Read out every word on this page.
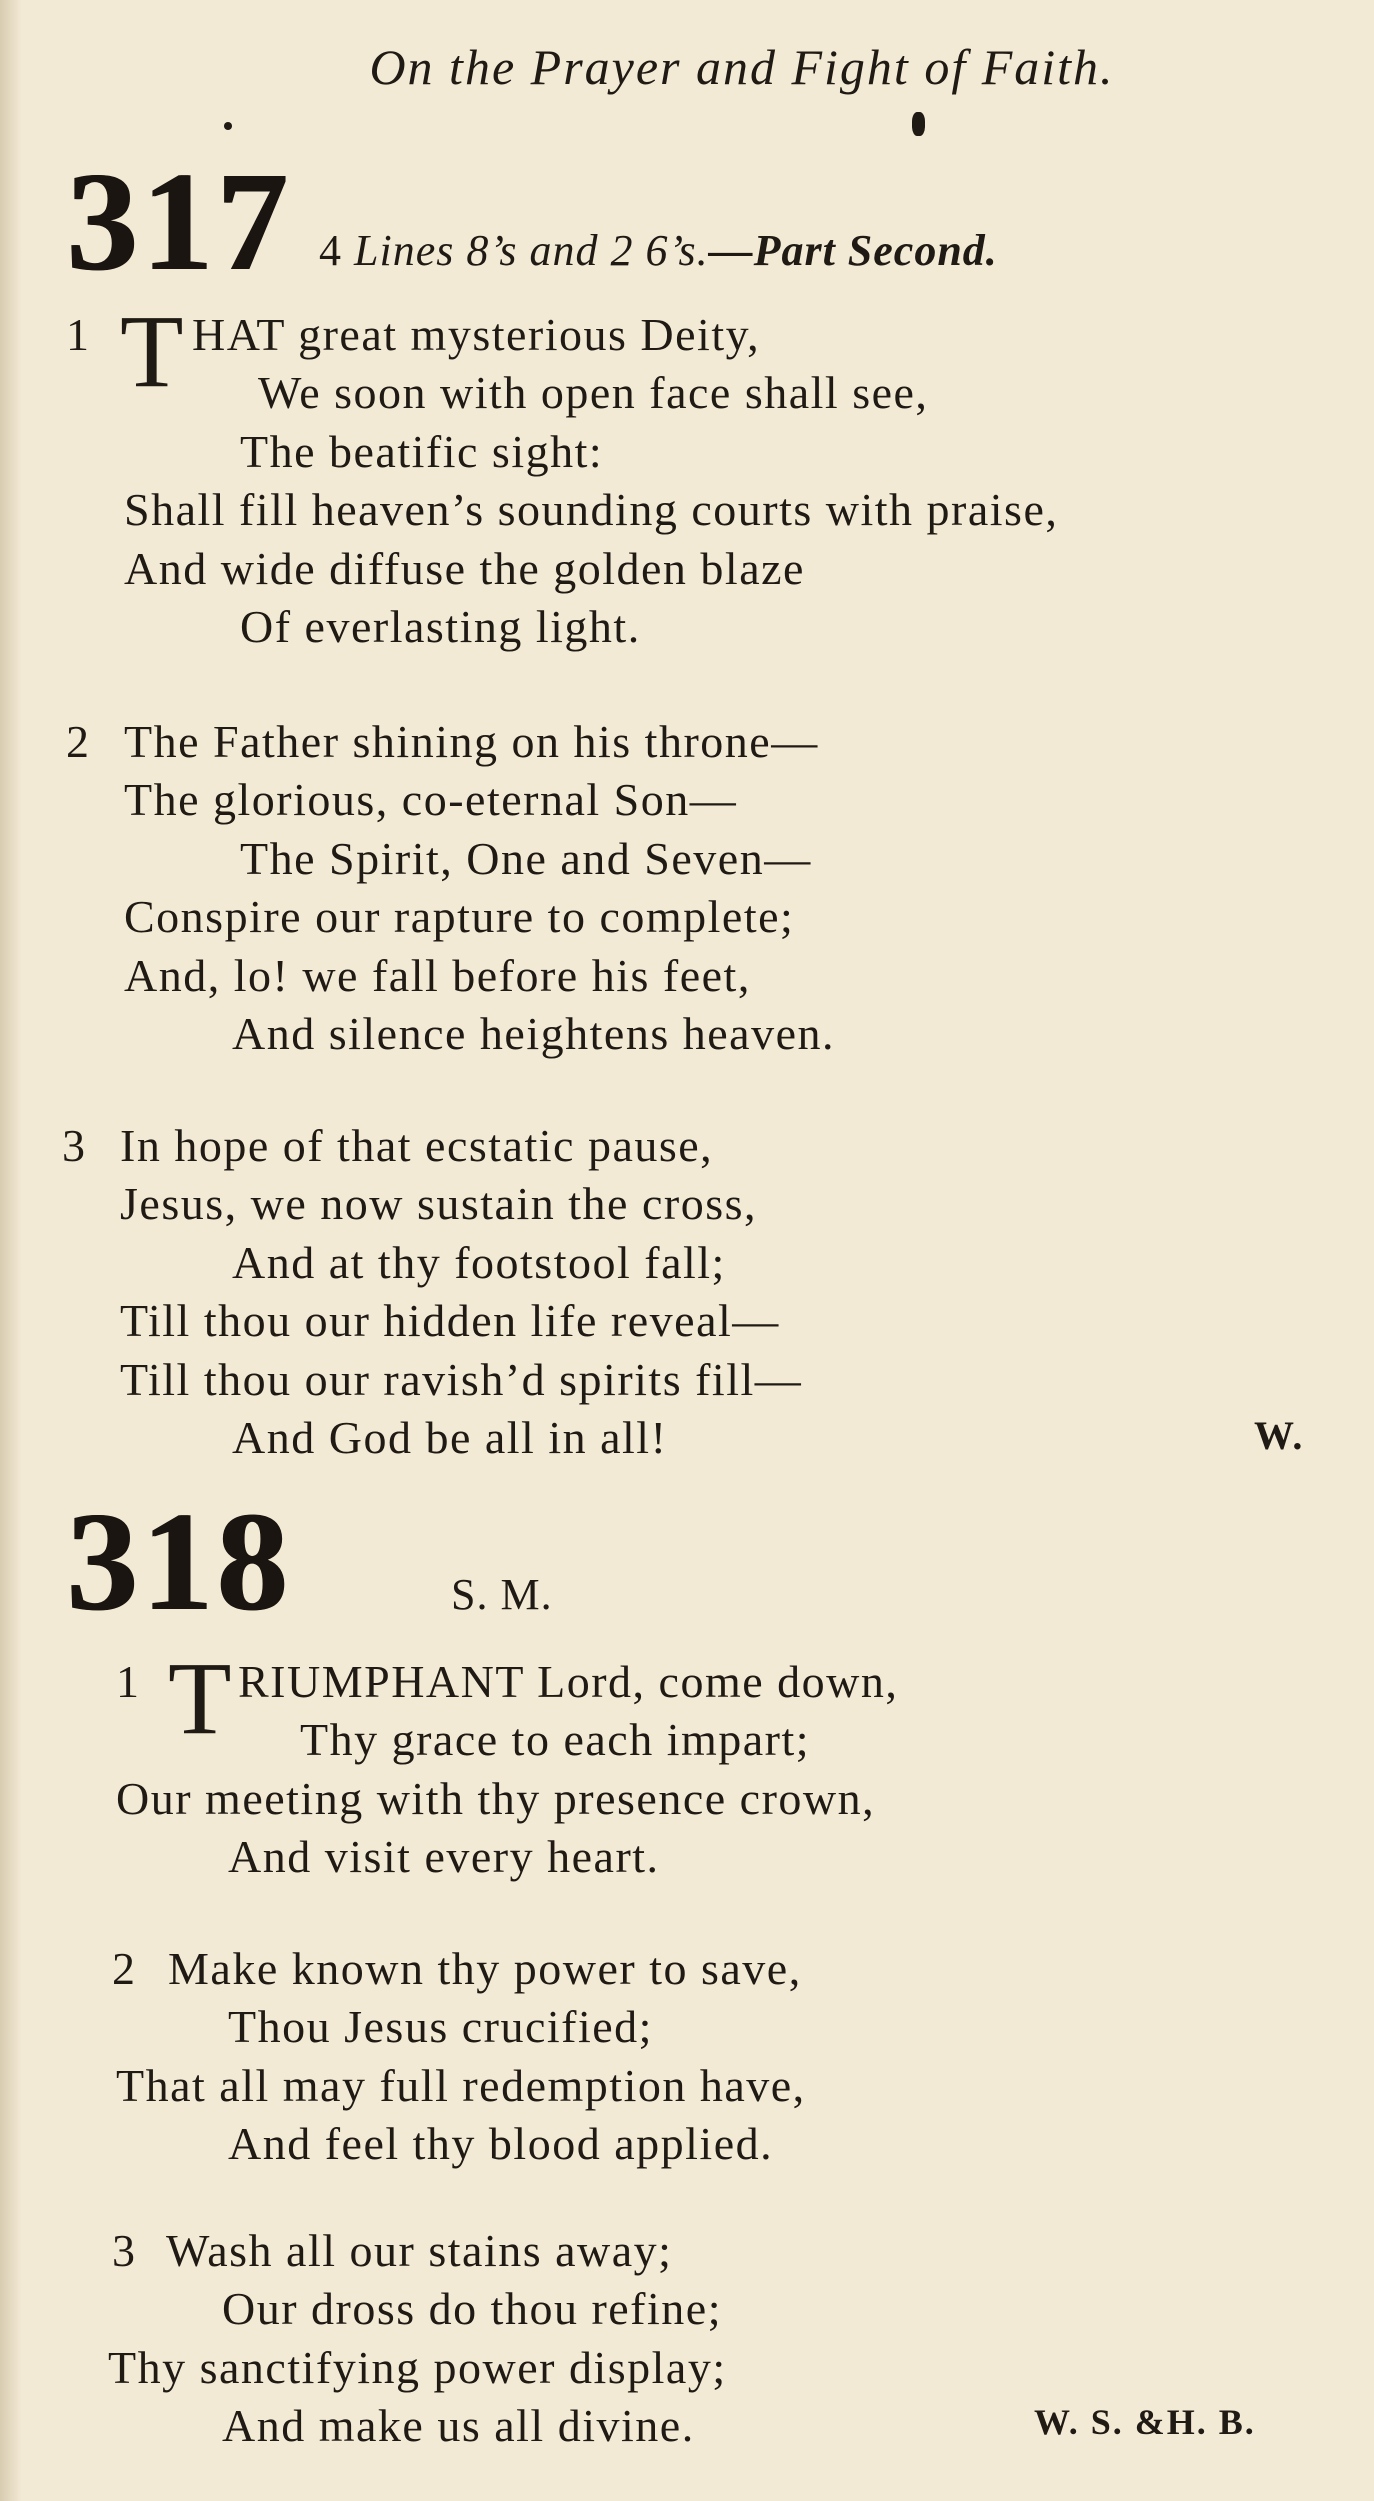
On the Prayer and Fight of Faith.
317 4 Lines 8’s and 2 6’s.—Part Second.
1 T HAT great mysterious Deity,
We soon with open face shall see,
The beatific sight:
Shall fill heaven’s sounding courts with praise,
And wide diffuse the golden blaze
Of everlasting light.
2 The Father shining on his throne—
The glorious, co-eternal Son—
The Spirit, One and Seven—
Conspire our rapture to complete;
And, lo! we fall before his feet,
And silence heightens heaven.
3 In hope of that ecstatic pause,
Jesus, we now sustain the cross,
And at thy footstool fall;
Till thou our hidden life reveal—
Till thou our ravish’d spirits fill—
And God be all in all!	W.
318	S. M.
1 T RIUMPHANT Lord, come down,
Thy grace to each impart;
Our meeting with thy presence crown,
And visit every heart.
2 Make known thy power to save,
Thou Jesus crucified;
That all may full redemption have,
And feel thy blood applied.
3 Wash all our stains away;
Our dross do thou refine;
Thy sanctifying power display;
And make us all divine.	W. S. &H. B.
